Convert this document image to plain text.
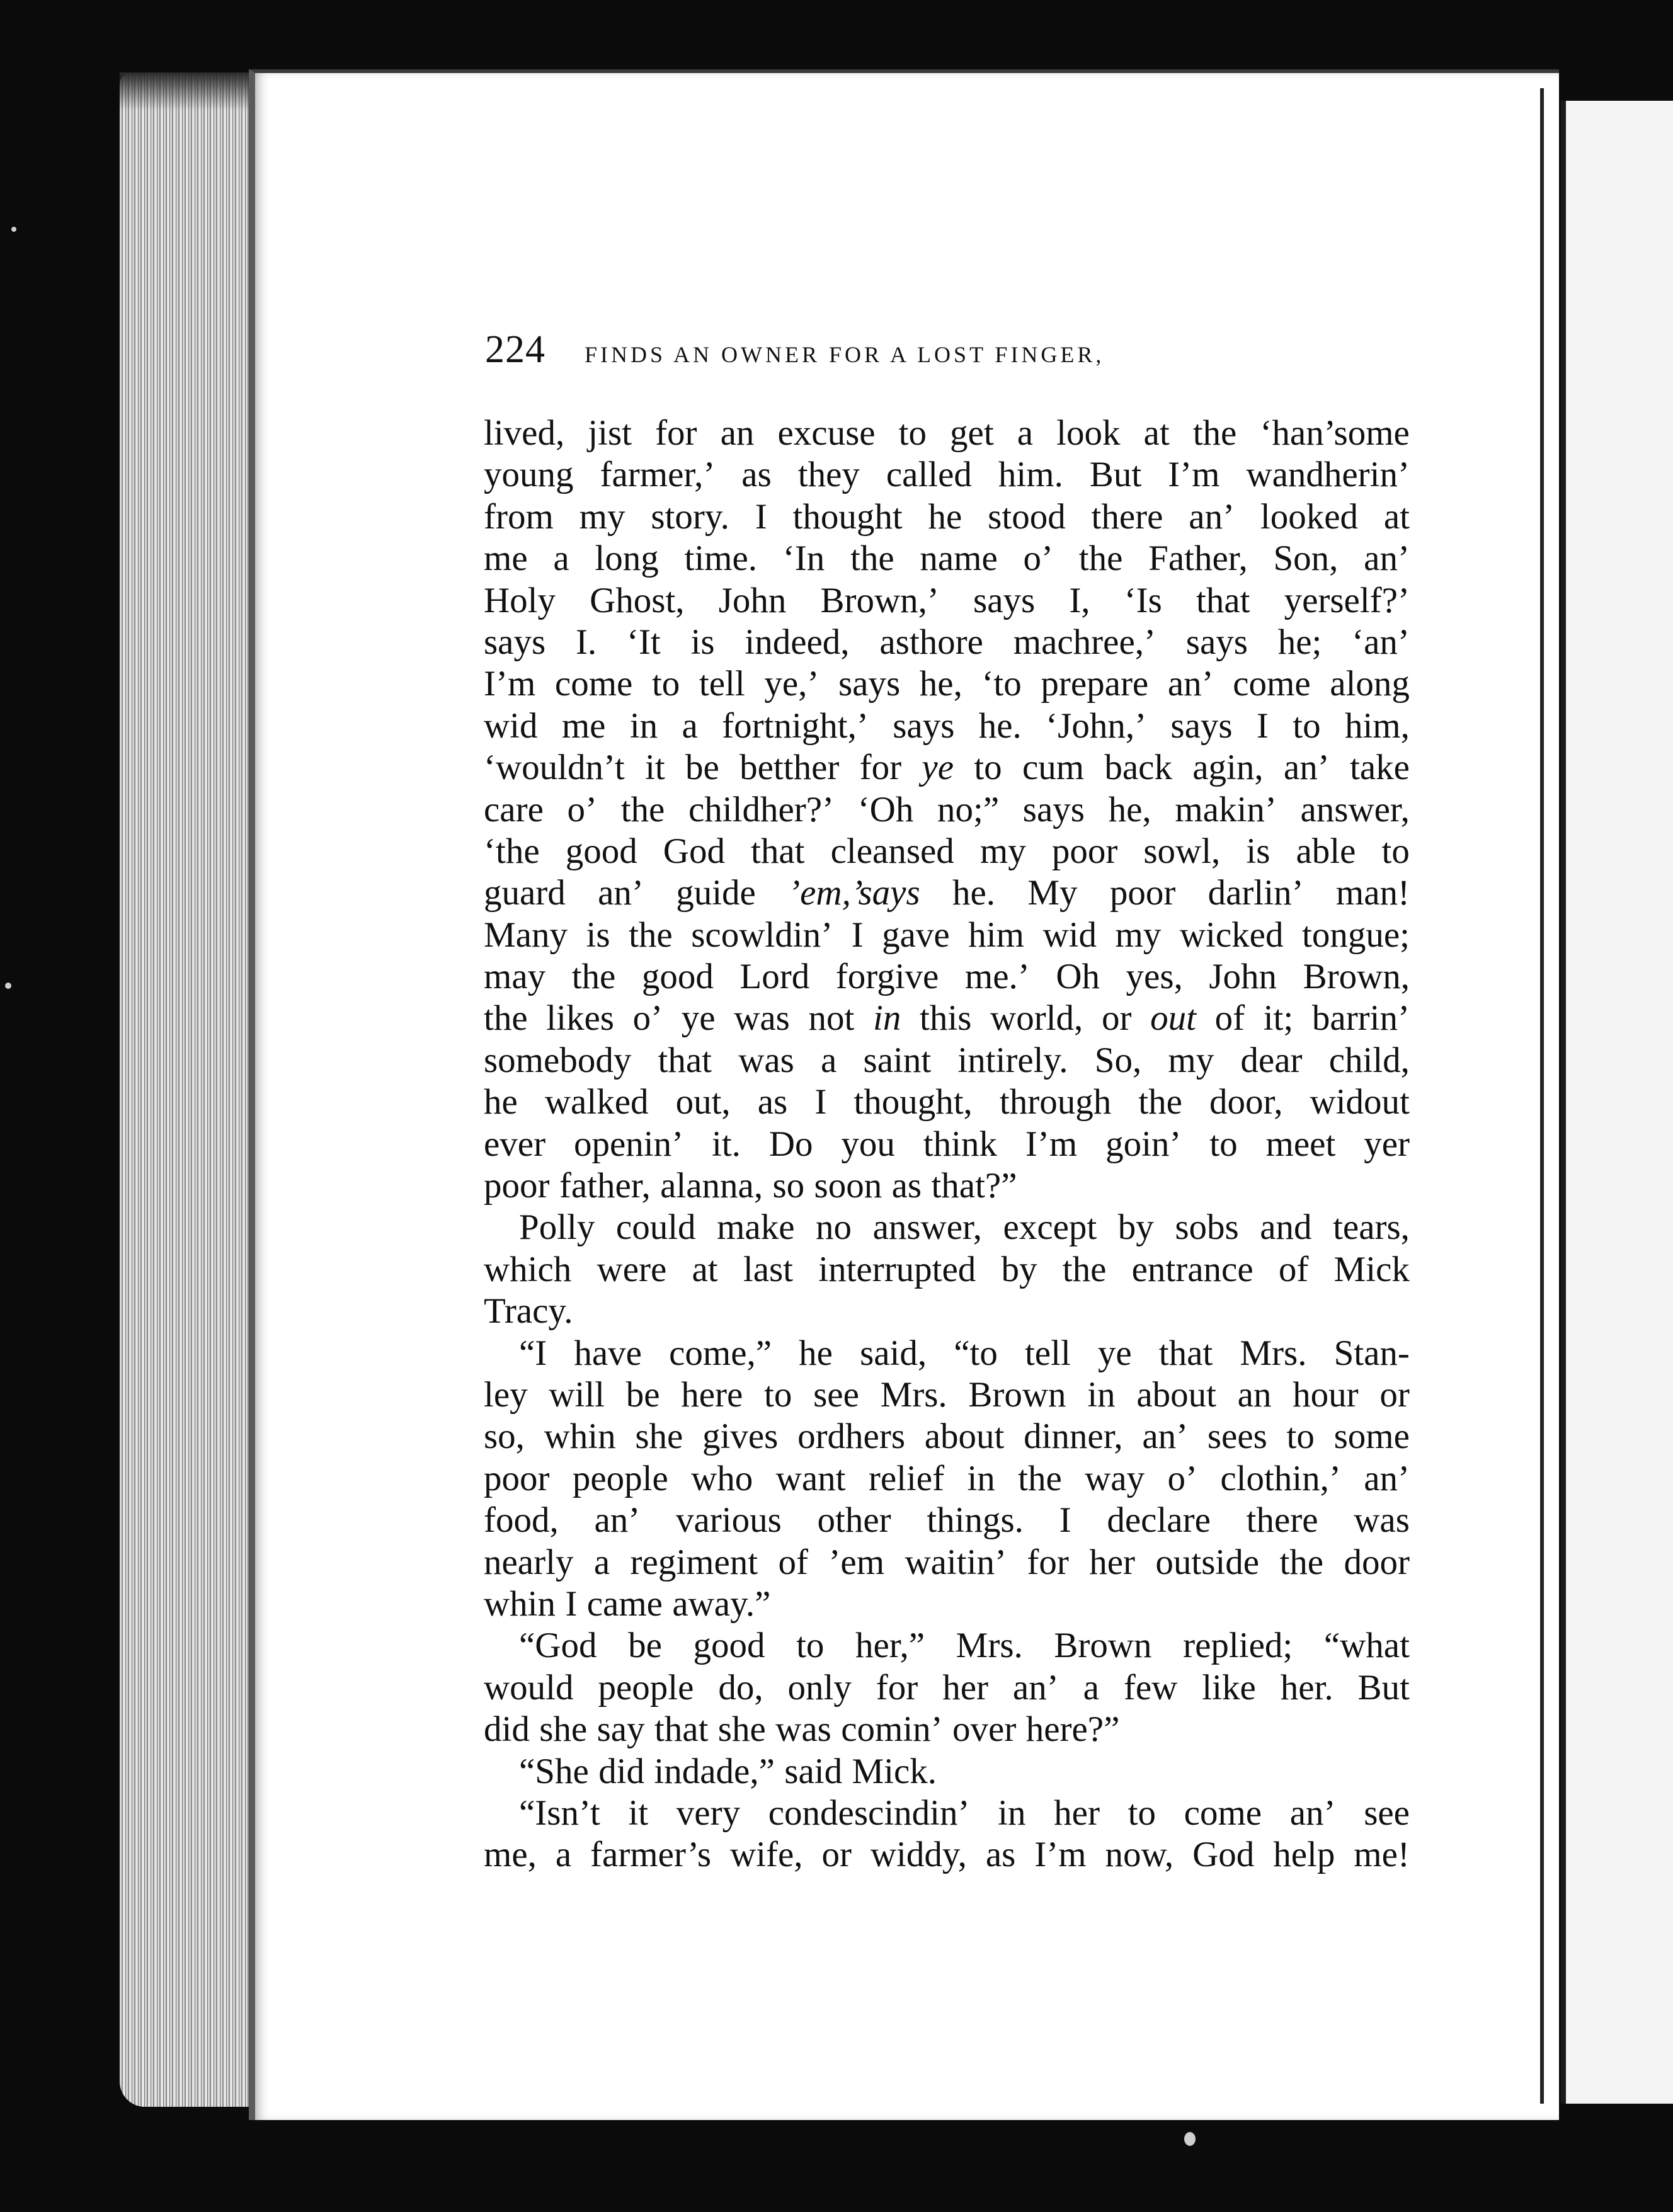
224 FINDS AN OWNER FOR A LOST FINGER,
lived, jist for an excuse to get a look at the ‘han’some
young farmer,’ as they called him. But I’m wandherin’
from my story. I thought he stood there an’ looked at
me a long time. ‘In the name o’ the Father, Son, an’
Holy Ghost, John Brown,’ says I, ‘Is that yerself?’
says I. ‘It is indeed, asthore machree,’ says he; ‘an’
I’m come to tell ye,’ says he, ‘to prepare an’ come along
wid me in a fortnight,’ says he. ‘John,’ says I to him,
‘wouldn’t it be betther for ye to cum back agin, an’ take
care o’ the childher?’ ‘Oh no;” says he, makin’ answer,
‘the good God that cleansed my poor sowl, is able to
guard an’ guide ’em,’says he. My poor darlin’ man!
Many is the scowldin’ I gave him wid my wicked tongue;
may the good Lord forgive me.’ Oh yes, John Brown,
the likes o’ ye was not in this world, or out of it; barrin’
somebody that was a saint intirely. So, my dear child,
he walked out, as I thought, through the door, widout
ever openin’ it. Do you think I’m goin’ to meet yer
poor father, alanna, so soon as that?”
Polly could make no answer, except by sobs and tears,
which were at last interrupted by the entrance of Mick
Tracy.
“I have come,” he said, “to tell ye that Mrs. Stan-
ley will be here to see Mrs. Brown in about an hour or
so, whin she gives ordhers about dinner, an’ sees to some
poor people who want relief in the way o’ clothin,’ an’
food, an’ various other things. I declare there was
nearly a regiment of ’em waitin’ for her outside the door
whin I came away.”
“God be good to her,” Mrs. Brown replied; “what
would people do, only for her an’ a few like her. But
did she say that she was comin’ over here?”
“She did indade,” said Mick.
“Isn’t it very condescindin’ in her to come an’ see
me, a farmer’s wife, or widdy, as I’m now, God help me!
